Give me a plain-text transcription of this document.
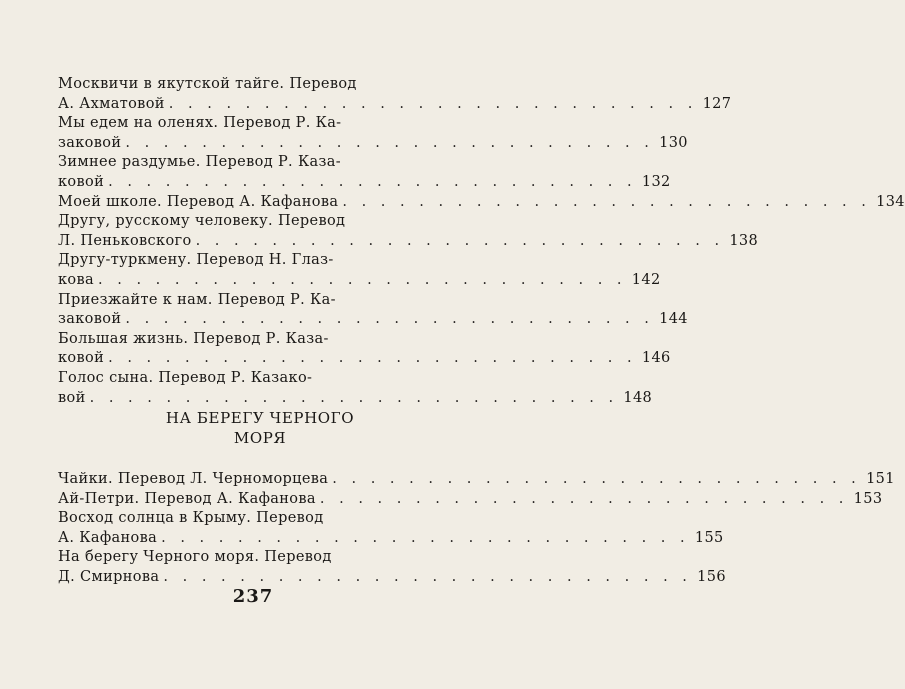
Москвичи в якутской тайге. Перевод
А. Ахматовой . . . . . . . . . . . . . . . . . . . . . . . . . . . . 127
Мы едем на оленях. Перевод Р. Ка-
заковой . . . . . . . . . . . . . . . . . . . . . . . . . . . . 130
Зимнее раздумье. Перевод Р. Каза-
ковой . . . . . . . . . . . . . . . . . . . . . . . . . . . . 132
Моей школе. Перевод А. Кафанова . . . . . . . . . . . . . . . . . . . . . . . . . . . . 134
Другу, русскому человеку. Перевод
Л. Пеньковского . . . . . . . . . . . . . . . . . . . . . . . . . . . . 138
Другу-туркмену. Перевод Н. Глаз-
кова . . . . . . . . . . . . . . . . . . . . . . . . . . . . 142
Приезжайте к нам. Перевод Р. Ка-
заковой . . . . . . . . . . . . . . . . . . . . . . . . . . . . 144
Большая жизнь. Перевод Р. Каза-
ковой . . . . . . . . . . . . . . . . . . . . . . . . . . . . 146
Голос сына. Перевод Р. Казако-
вой . . . . . . . . . . . . . . . . . . . . . . . . . . . . 148
НА БЕРЕГУ ЧЕРНОГО
МОРЯ
Чайки. Перевод Л. Черноморцева . . . . . . . . . . . . . . . . . . . . . . . . . . . . 151
Ай-Петри. Перевод А. Кафанова . . . . . . . . . . . . . . . . . . . . . . . . . . . . 153
Восход солнца в Крыму. Перевод
А. Кафанова . . . . . . . . . . . . . . . . . . . . . . . . . . . . 155
На берегу Черного моря. Перевод
Д. Смирнова . . . . . . . . . . . . . . . . . . . . . . . . . . . . 156
237
